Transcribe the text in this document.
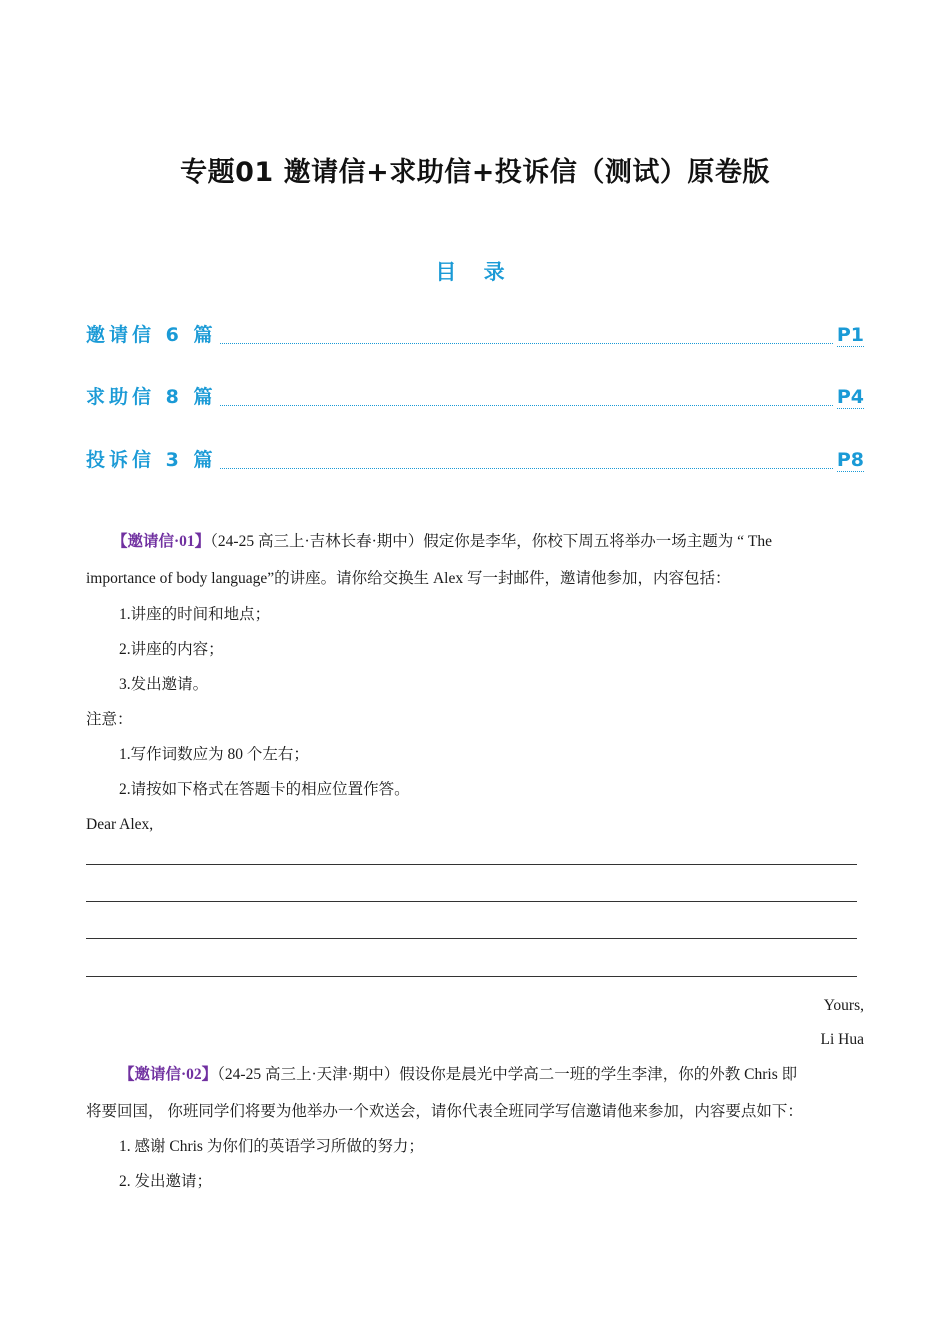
专题01 邀请信+求助信+投诉信（测试）原卷版
目 录
邀请信 6 篇	P1
求助信 8 篇	P4
投诉信 3 篇	P8
【邀请信·01】（24-25 高三上·吉林长春·期中）假定你是李华，你校下周五将举办一场主题为 “ The
importance of body language”的讲座。请你给交换生 Alex 写一封邮件，邀请他参加，内容包括：
1.讲座的时间和地点；
2.讲座的内容；
3.发出邀请。
注意：
1.写作词数应为 80 个左右；
2.请按如下格式在答题卡的相应位置作答。
Dear Alex,
Yours,
Li Hua
【邀请信·02】（24-25 高三上·天津·期中）假设你是晨光中学高二一班的学生李津，你的外教 Chris 即
将要回国， 你班同学们将要为他举办一个欢送会，请你代表全班同学写信邀请他来参加，内容要点如下：
1. 感谢 Chris 为你们的英语学习所做的努力；
2. 发出邀请；
